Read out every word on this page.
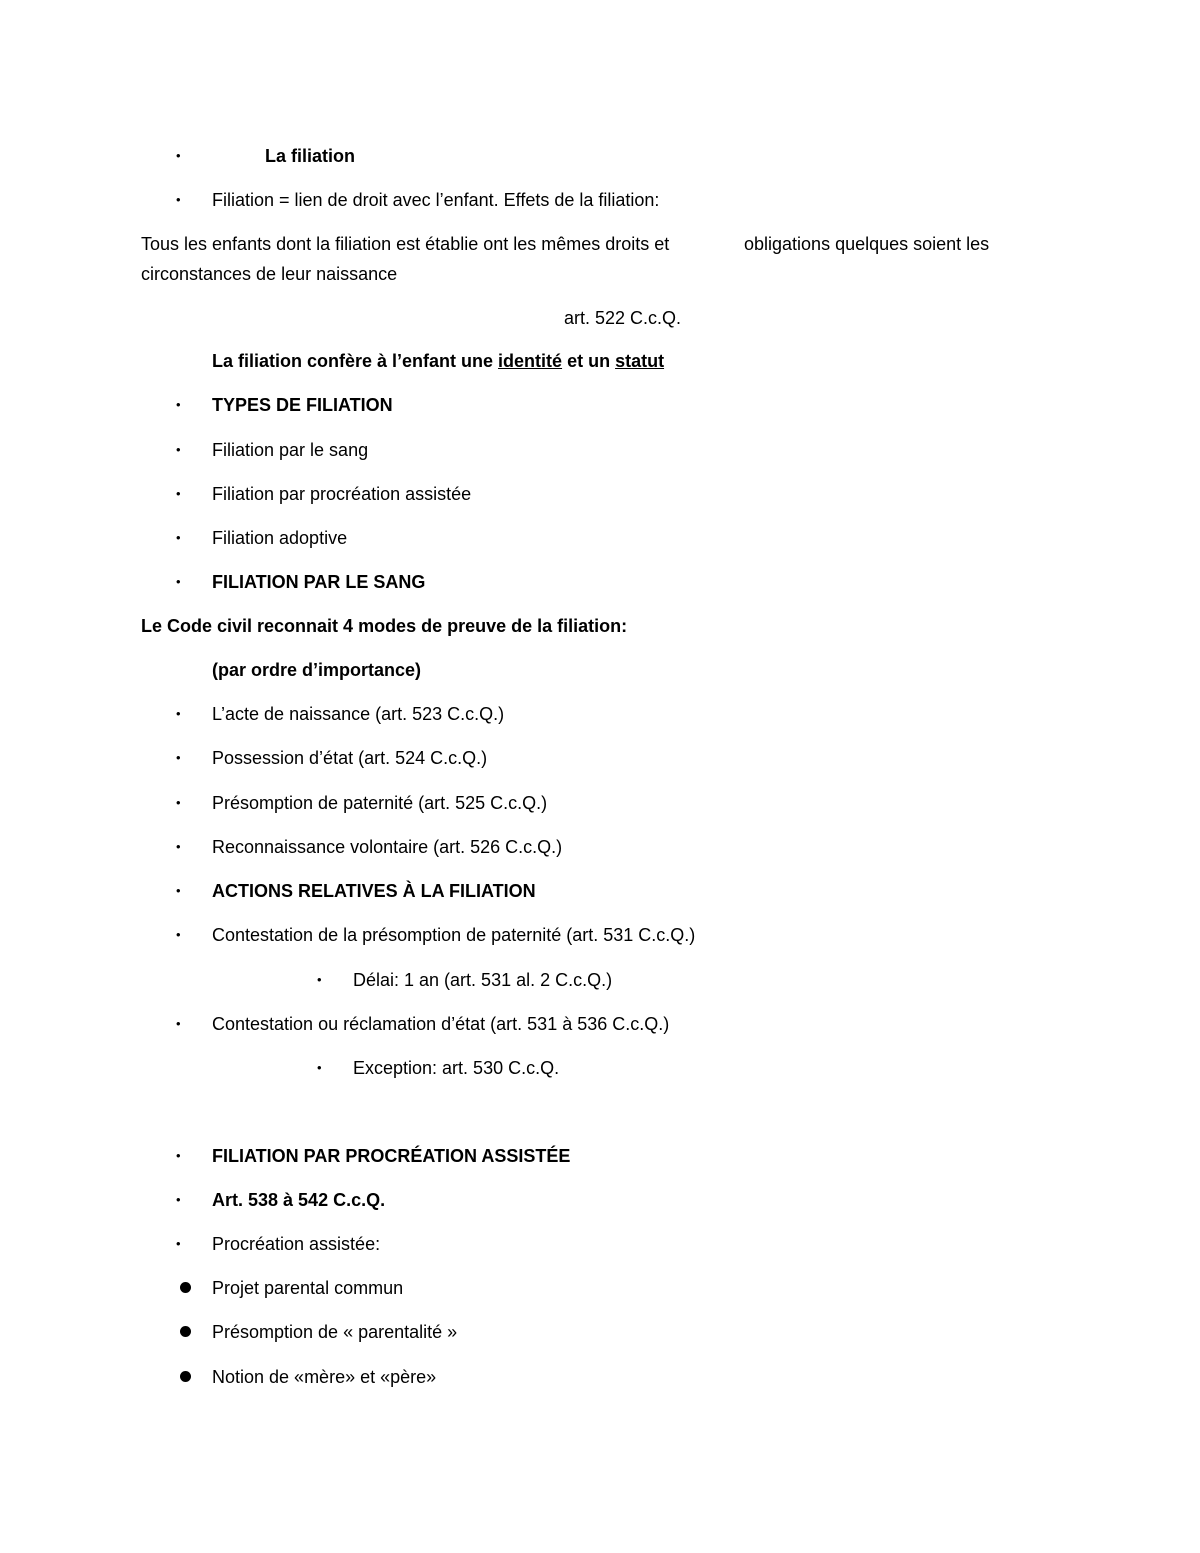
•	La filiation
• Filiation = lien de droit avec l’enfant. Effets de la filiation:
Tous les enfants dont la filiation est établie ont les mêmes droits et	obligations quelques soient les
circonstances de leur naissance
art. 522 C.c.Q.
La filiation confère à l’enfant une identité et un statut
• TYPES DE FILIATION
• Filiation par le sang
• Filiation par procréation assistée
• Filiation adoptive
• FILIATION PAR LE SANG
Le Code civil reconnait 4 modes de preuve de la filiation:
(par ordre d’importance)
• L’acte de naissance (art. 523 C.c.Q.)
• Possession d’état (art. 524 C.c.Q.)
• Présomption de paternité (art. 525 C.c.Q.)
• Reconnaissance volontaire (art. 526 C.c.Q.)
• ACTIONS RELATIVES À LA FILIATION
• Contestation de la présomption de paternité (art. 531 C.c.Q.)
• Délai: 1 an (art. 531 al. 2 C.c.Q.)
• Contestation ou réclamation d’état (art. 531 à 536 C.c.Q.)
• Exception: art. 530 C.c.Q.
• FILIATION PAR PROCRÉATION ASSISTÉE
• Art. 538 à 542 C.c.Q.
• Procréation assistée:
Projet parental commun
Présomption de « parentalité »
Notion de «mère» et «père»
